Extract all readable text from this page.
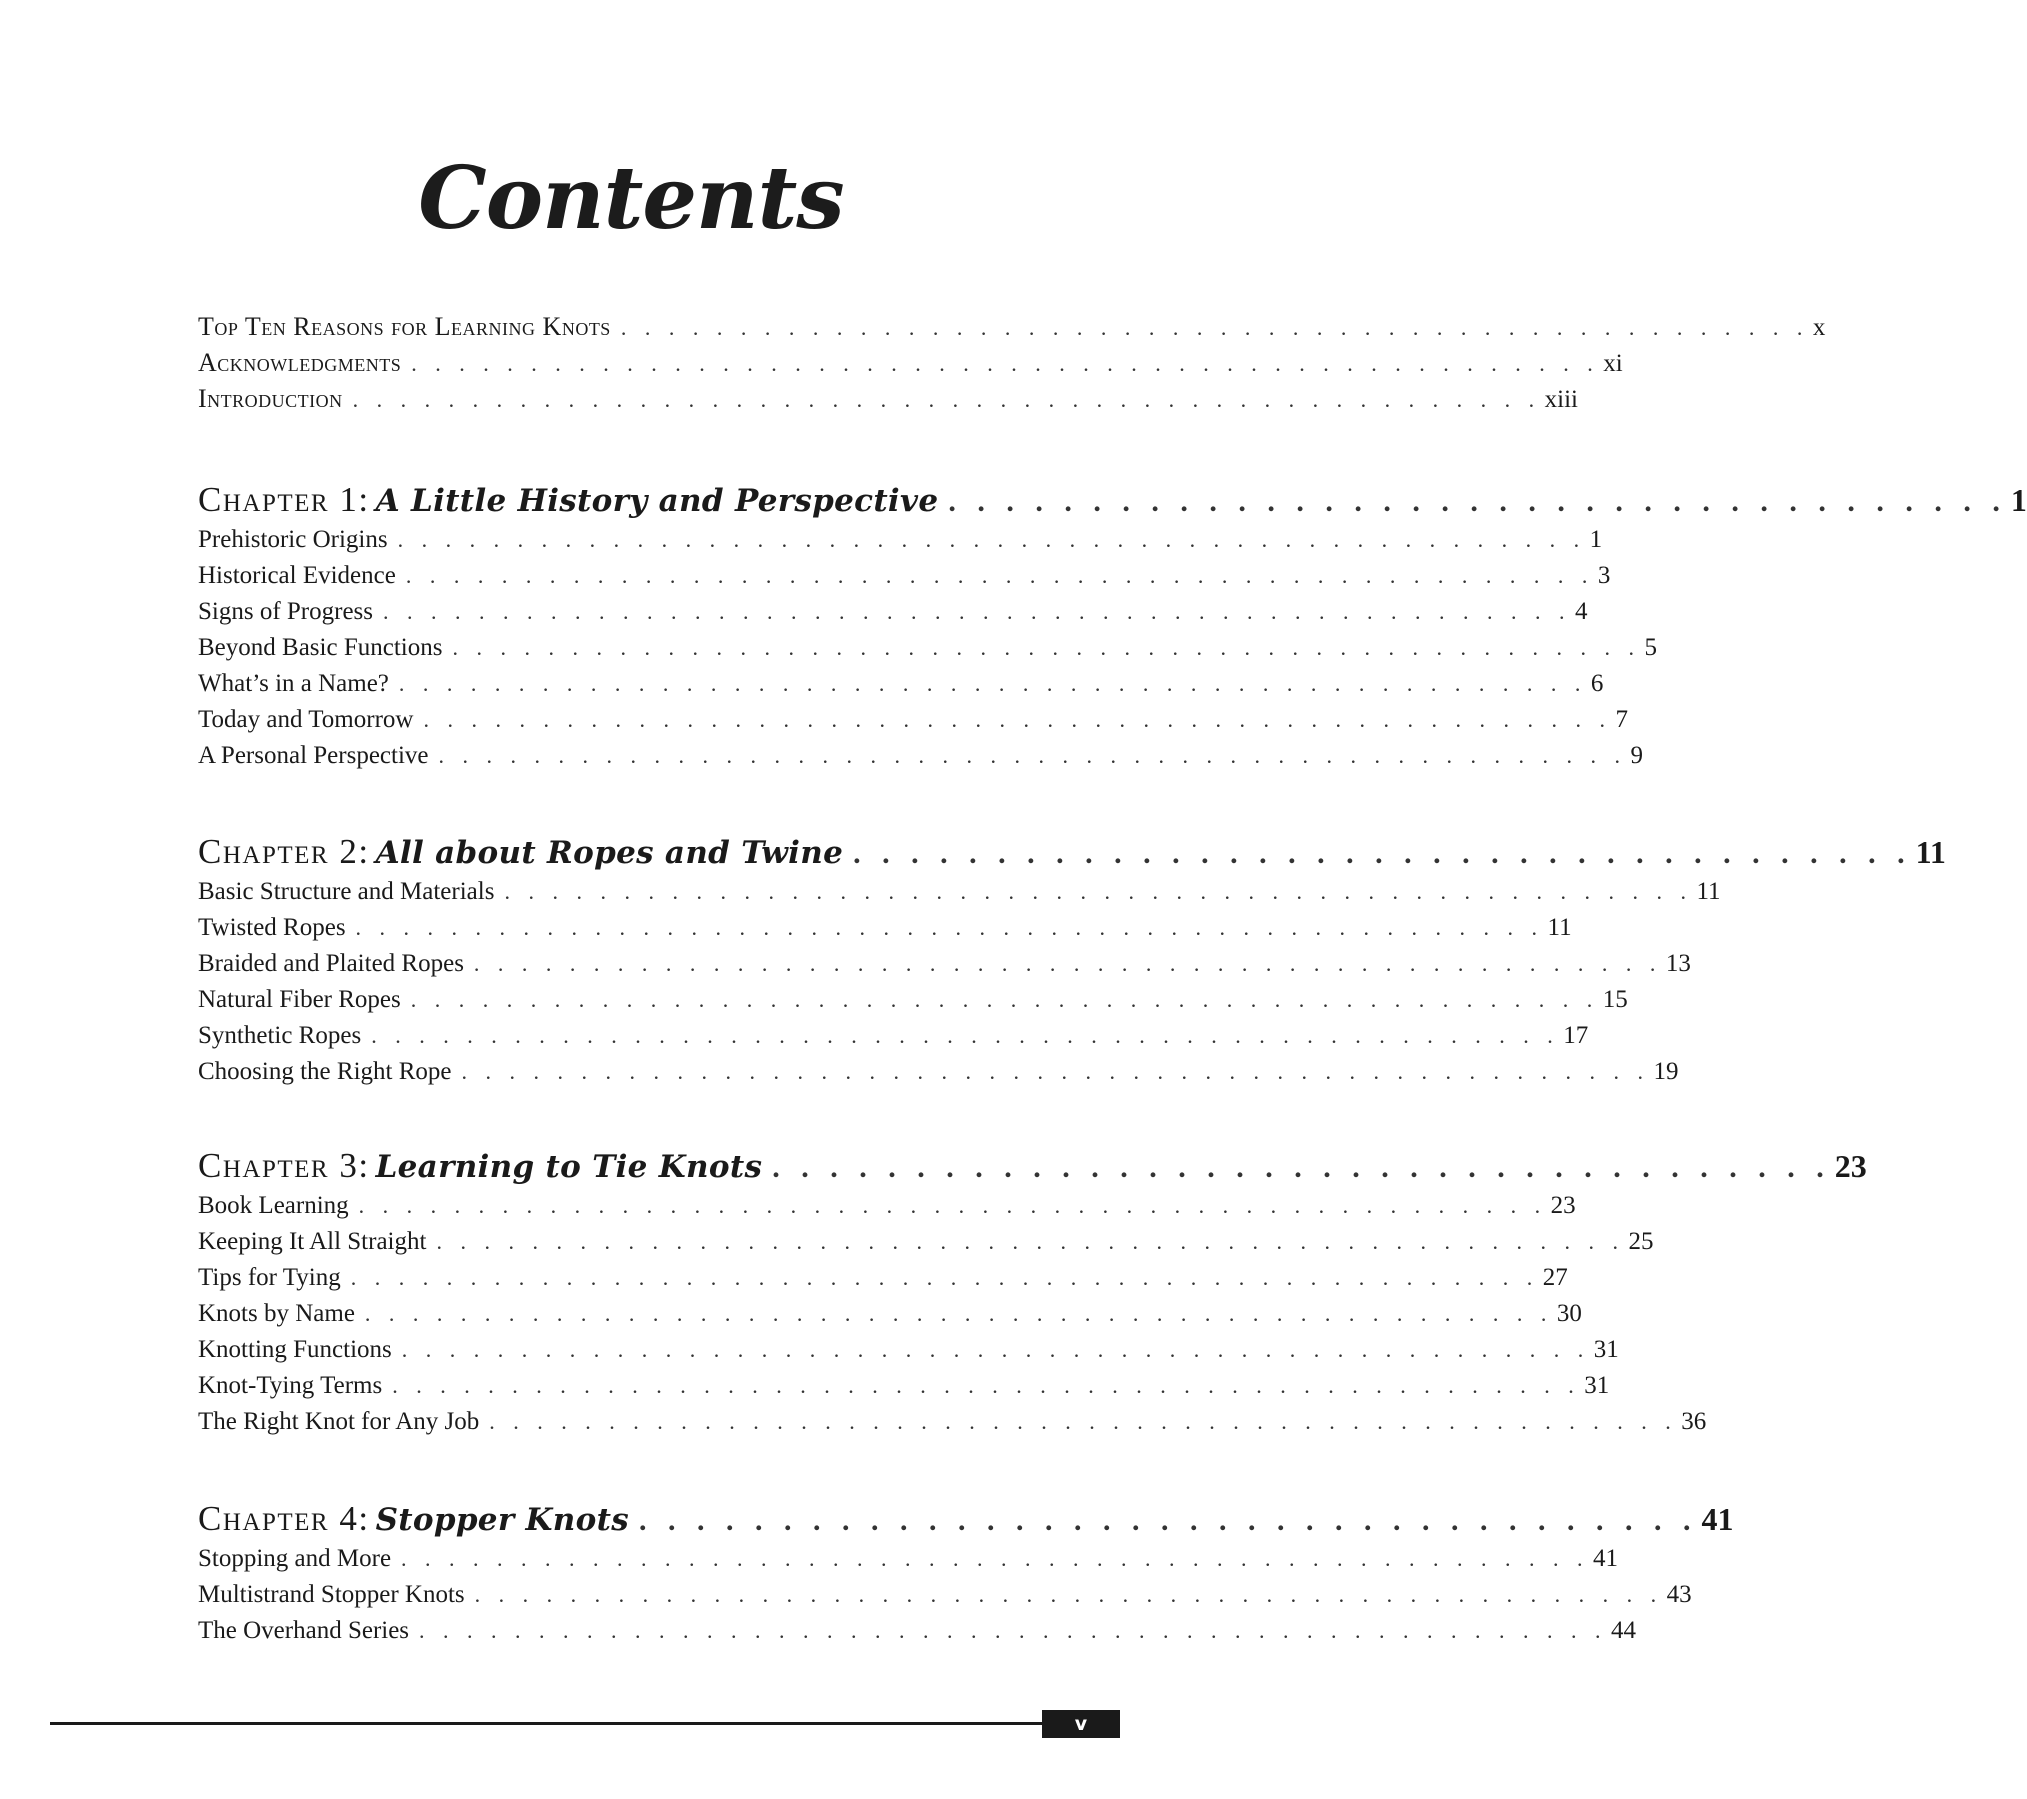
Contents
Top Ten Reasons for Learning Knots . . . . . . . . . . . . . . . . . . . . . . . . . . . . . . . . . . . . . . . . . . . . . . . . . . x
Acknowledgments . . . . . . . . . . . . . . . . . . . . . . . . . . . . . . . . . . . . . . . . . . . . . . . . . . xi
Introduction . . . . . . . . . . . . . . . . . . . . . . . . . . . . . . . . . . . . . . . . . . . . . . . . . . xiii
Chapter 1: A Little History and Perspective . . . . . . . . . . . . . . . . . . . . . . . . . . . . . . . . . . . . . 1
Prehistoric Origins . . . . . . . . . . . . . . . . . . . . . . . . . . . . . . . . . . . . . . . . . . . . . . . . . . 1
Historical Evidence . . . . . . . . . . . . . . . . . . . . . . . . . . . . . . . . . . . . . . . . . . . . . . . . . . 3
Signs of Progress . . . . . . . . . . . . . . . . . . . . . . . . . . . . . . . . . . . . . . . . . . . . . . . . . . 4
Beyond Basic Functions . . . . . . . . . . . . . . . . . . . . . . . . . . . . . . . . . . . . . . . . . . . . . . . . . . 5
What’s in a Name? . . . . . . . . . . . . . . . . . . . . . . . . . . . . . . . . . . . . . . . . . . . . . . . . . . 6
Today and Tomorrow . . . . . . . . . . . . . . . . . . . . . . . . . . . . . . . . . . . . . . . . . . . . . . . . . . 7
A Personal Perspective . . . . . . . . . . . . . . . . . . . . . . . . . . . . . . . . . . . . . . . . . . . . . . . . . . 9
Chapter 2: All about Ropes and Twine . . . . . . . . . . . . . . . . . . . . . . . . . . . . . . . . . . . . . 11
Basic Structure and Materials . . . . . . . . . . . . . . . . . . . . . . . . . . . . . . . . . . . . . . . . . . . . . . . . . . 11
Twisted Ropes . . . . . . . . . . . . . . . . . . . . . . . . . . . . . . . . . . . . . . . . . . . . . . . . . . 11
Braided and Plaited Ropes . . . . . . . . . . . . . . . . . . . . . . . . . . . . . . . . . . . . . . . . . . . . . . . . . . 13
Natural Fiber Ropes . . . . . . . . . . . . . . . . . . . . . . . . . . . . . . . . . . . . . . . . . . . . . . . . . . 15
Synthetic Ropes . . . . . . . . . . . . . . . . . . . . . . . . . . . . . . . . . . . . . . . . . . . . . . . . . . 17
Choosing the Right Rope . . . . . . . . . . . . . . . . . . . . . . . . . . . . . . . . . . . . . . . . . . . . . . . . . . 19
Chapter 3: Learning to Tie Knots . . . . . . . . . . . . . . . . . . . . . . . . . . . . . . . . . . . . . 23
Book Learning . . . . . . . . . . . . . . . . . . . . . . . . . . . . . . . . . . . . . . . . . . . . . . . . . . 23
Keeping It All Straight . . . . . . . . . . . . . . . . . . . . . . . . . . . . . . . . . . . . . . . . . . . . . . . . . . 25
Tips for Tying . . . . . . . . . . . . . . . . . . . . . . . . . . . . . . . . . . . . . . . . . . . . . . . . . . 27
Knots by Name . . . . . . . . . . . . . . . . . . . . . . . . . . . . . . . . . . . . . . . . . . . . . . . . . . 30
Knotting Functions . . . . . . . . . . . . . . . . . . . . . . . . . . . . . . . . . . . . . . . . . . . . . . . . . . 31
Knot-Tying Terms . . . . . . . . . . . . . . . . . . . . . . . . . . . . . . . . . . . . . . . . . . . . . . . . . . 31
The Right Knot for Any Job . . . . . . . . . . . . . . . . . . . . . . . . . . . . . . . . . . . . . . . . . . . . . . . . . . 36
Chapter 4: Stopper Knots . . . . . . . . . . . . . . . . . . . . . . . . . . . . . . . . . . . . . 41
Stopping and More . . . . . . . . . . . . . . . . . . . . . . . . . . . . . . . . . . . . . . . . . . . . . . . . . . 41
Multistrand Stopper Knots . . . . . . . . . . . . . . . . . . . . . . . . . . . . . . . . . . . . . . . . . . . . . . . . . . 43
The Overhand Series . . . . . . . . . . . . . . . . . . . . . . . . . . . . . . . . . . . . . . . . . . . . . . . . . . 44
v
